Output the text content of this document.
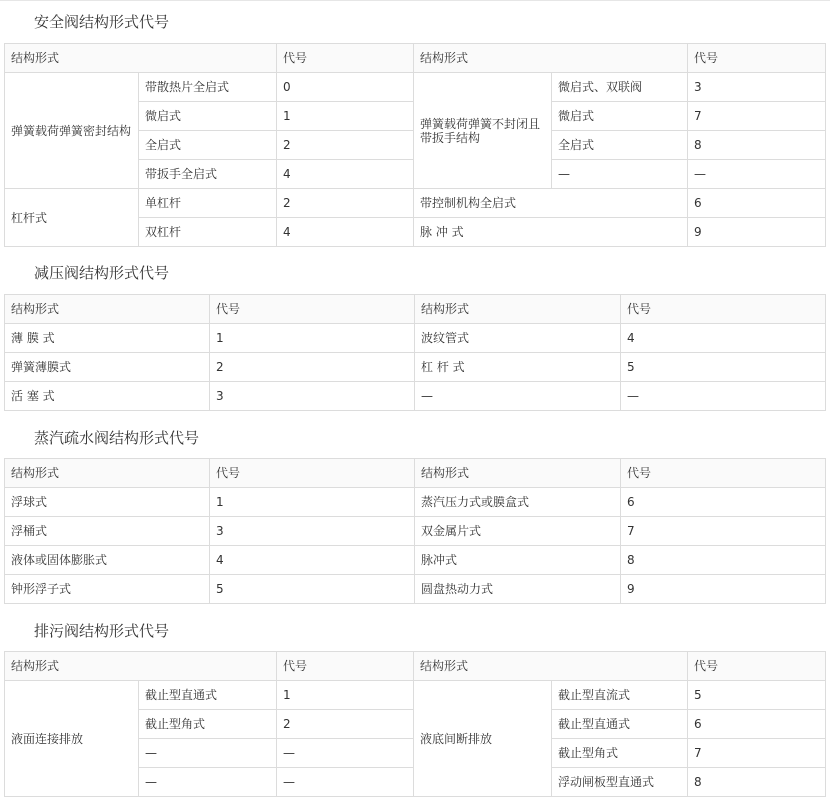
安全阀结构形式代号
结构形式		代号	结构形式		代号
弹簧载荷弹簧密封结构	带散热片全启式	0	弹簧载荷弹簧不封闭且带扳手结构	微启式、双联阀	3
	微启式	1		微启式	7
	全启式	2		全启式	8
	带扳手全启式	4		—	—
杠杆式	单杠杆	2	带控制机构全启式		6
	双杠杆	4	脉 冲 式		9
减压阀结构形式代号
结构形式	代号	结构形式	代号
薄 膜 式	1	波纹管式	4
弹簧薄膜式	2	杠 杆 式	5
活 塞 式	3	—	—
蒸汽疏水阀结构形式代号
结构形式	代号	结构形式	代号
浮球式	1	蒸汽压力式或膜盒式	6
浮桶式	3	双金属片式	7
液体或固体膨胀式	4	脉冲式	8
钟形浮子式	5	圆盘热动力式	9
排污阀结构形式代号
结构形式		代号	结构形式		代号
液面连接排放	截止型直通式	1	液底间断排放	截止型直流式	5
	截止型角式	2		截止型直通式	6
	—	—		截止型角式	7
	—	—		浮动闸板型直通式	8
